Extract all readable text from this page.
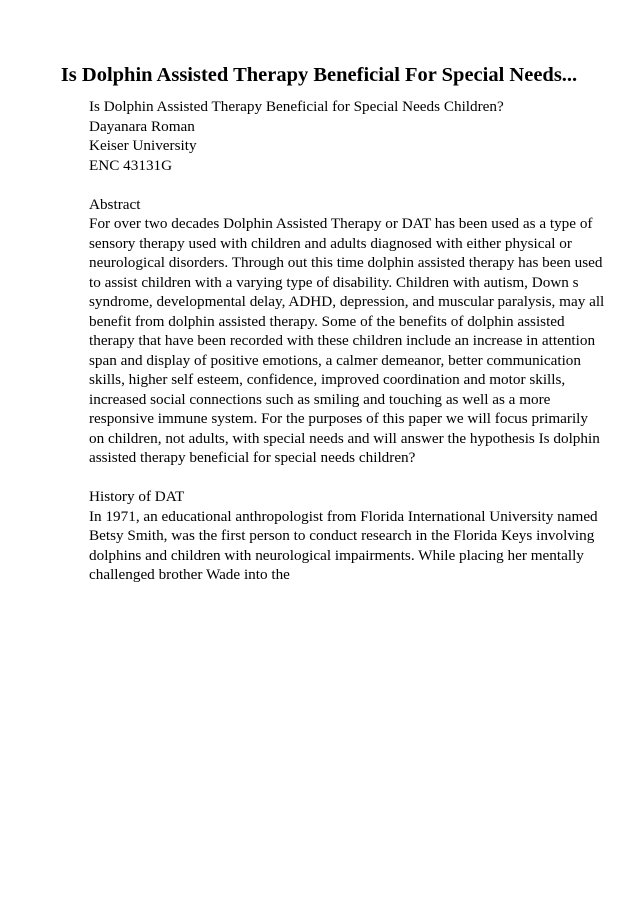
Is Dolphin Assisted Therapy Beneficial For Special Needs...
Is Dolphin Assisted Therapy Beneficial for Special Needs Children?
Dayanara Roman
Keiser University
ENC 43131G
Abstract
For over two decades Dolphin Assisted Therapy or DAT has been used as a type of
sensory therapy used with children and adults diagnosed with either physical or
neurological disorders. Through out this time dolphin assisted therapy has been used
to assist children with a varying type of disability. Children with autism, Down s
syndrome, developmental delay, ADHD, depression, and muscular paralysis, may all
benefit from dolphin assisted therapy. Some of the benefits of dolphin assisted
therapy that have been recorded with these children include an increase in attention
span and display of positive emotions, a calmer demeanor, better communication
skills, higher self esteem, confidence, improved coordination and motor skills,
increased social connections such as smiling and touching as well as a more
responsive immune system. For the purposes of this paper we will focus primarily
on children, not adults, with special needs and will answer the hypothesis Is dolphin
assisted therapy beneficial for special needs children?
History of DAT
In 1971, an educational anthropologist from Florida International University named
Betsy Smith, was the first person to conduct research in the Florida Keys involving
dolphins and children with neurological impairments. While placing her mentally
challenged brother Wade into the
